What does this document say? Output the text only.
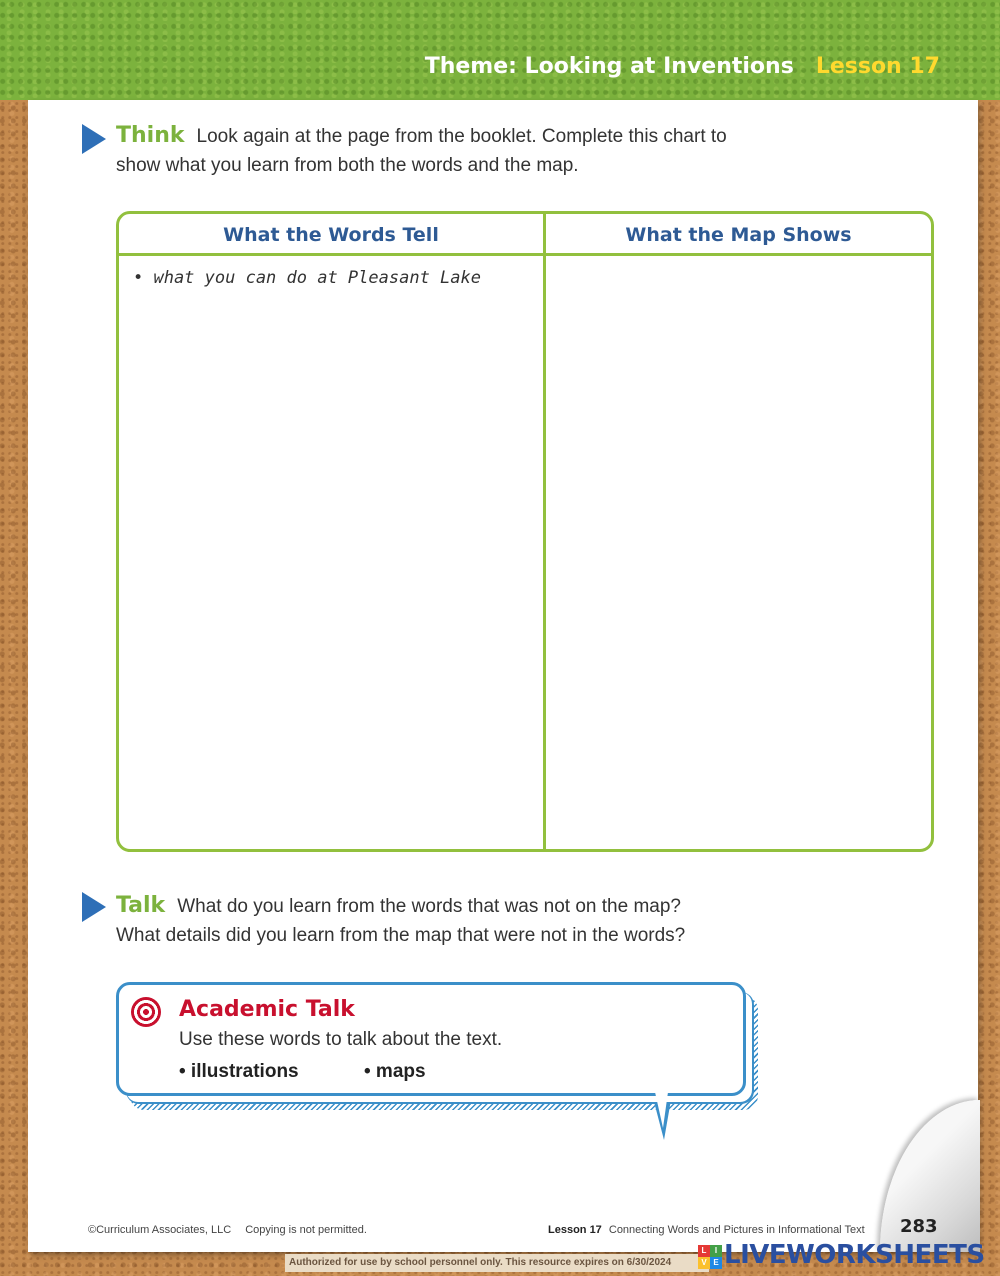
Theme: Looking at Inventions Lesson 17
Think Look again at the page from the booklet. Complete this chart to
show what you learn from both the words and the map.
What the Words Tell	What the Map Shows
• what you can do at Pleasant Lake
Talk What do you learn from the words that was not on the map?
What details did you learn from the map that were not in the words?
Academic Talk
Use these words to talk about the text.
• illustrations	• maps
©Curriculum Associates, LLC Copying is not permitted.	Lesson 17 Connecting Words and Pictures in Informational Text 283
Authorized for use by school personnel only. This resource expires on 6/30/2024
L	I
V E LIVEWORKSHEETS
